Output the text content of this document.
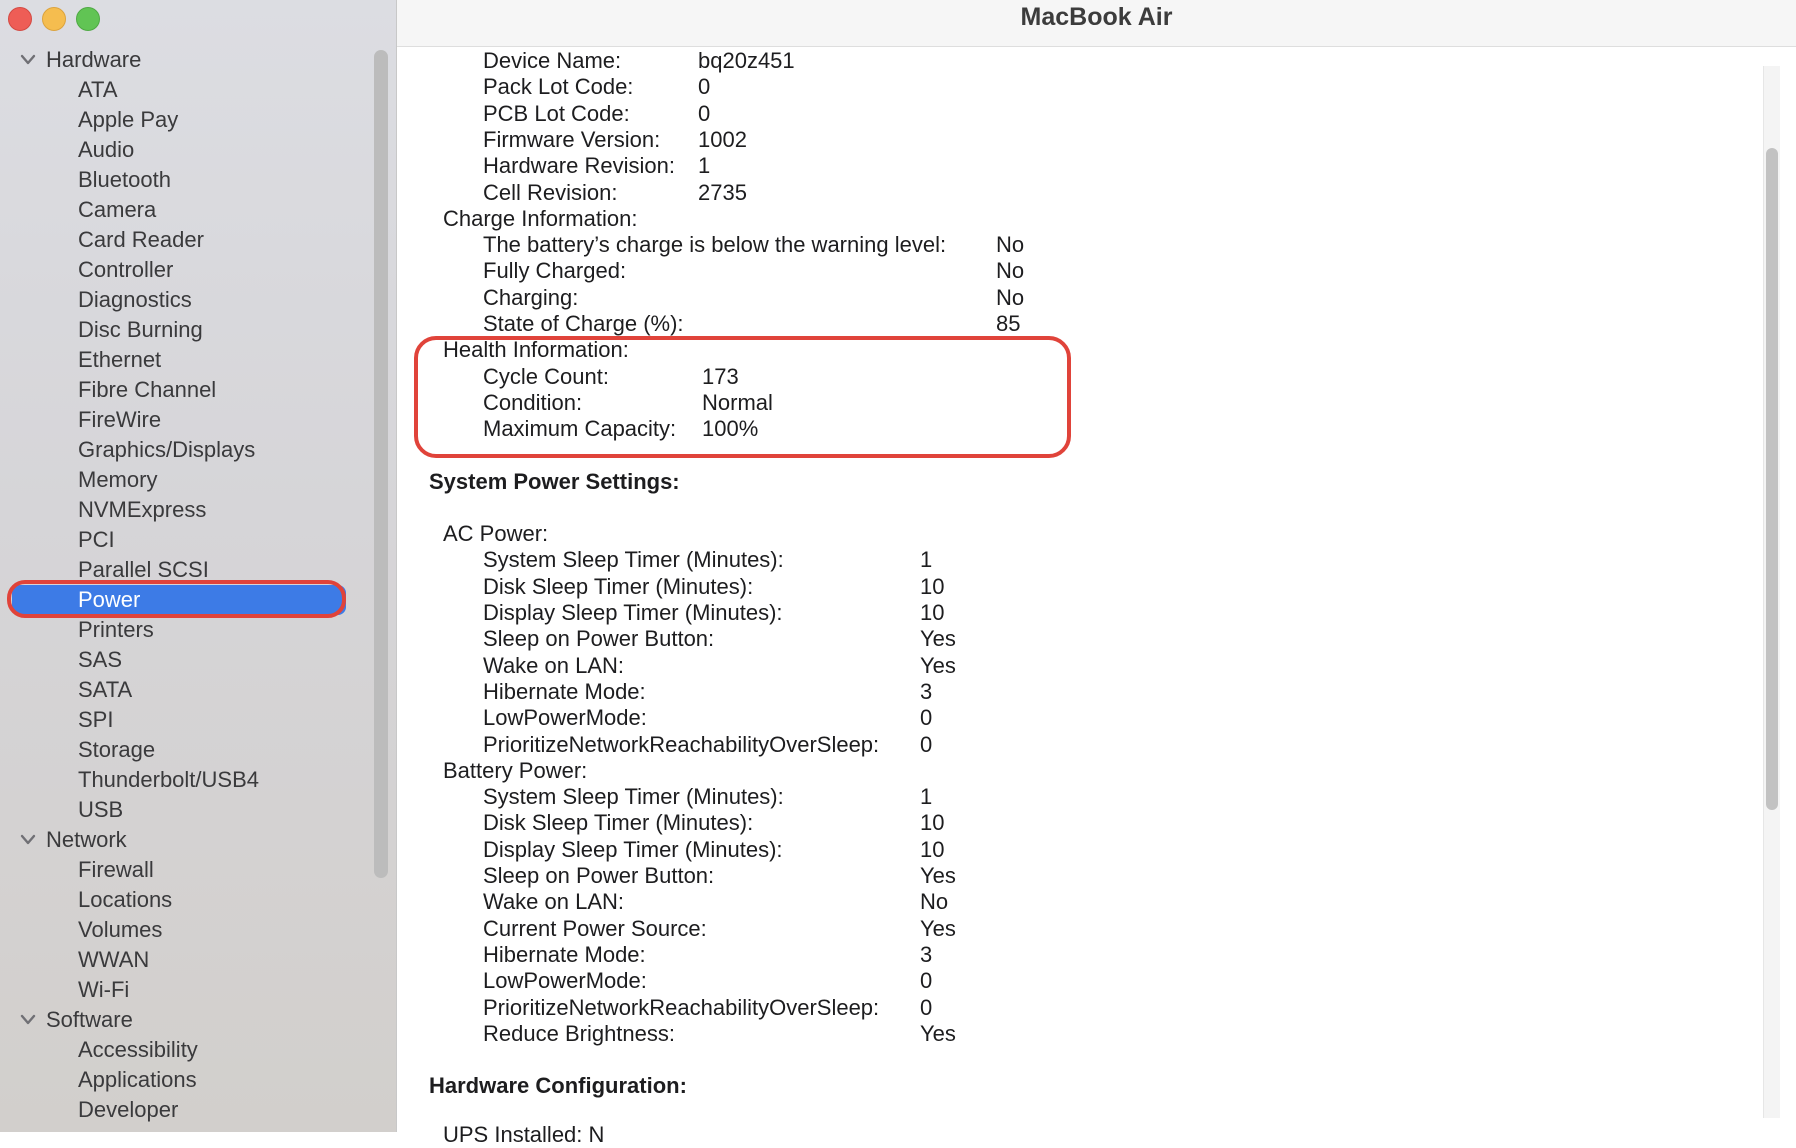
Hardware
ATA
Apple Pay
Audio
Bluetooth
Camera
Card Reader
Controller
Diagnostics
Disc Burning
Ethernet
Fibre Channel
FireWire
Graphics/Displays
Memory
NVMExpress
PCI
Parallel SCSI
Power
Printers
SAS
SATA
SPI
Storage
Thunderbolt/USB4
USB
Network
Firewall
Locations
Volumes
WWAN
Wi-Fi
Software
Accessibility
Applications
Developer
MacBook Air
Device Name:	bq20z451
Pack Lot Code:	0
PCB Lot Code:	0
Firmware Version: 1002
Hardware Revision: 1
Cell Revision:	2735
Charge Information:
The battery’s charge is below the warning level: No
Fully Charged:	No
Charging:	No
State of Charge (%):	85
Health Information:
Cycle Count:	173
Condition:	Normal
Maximum Capacity: 100%
System Power Settings:
AC Power:
System Sleep Timer (Minutes):	1
Disk Sleep Timer (Minutes):	10
Display Sleep Timer (Minutes):	10
Sleep on Power Button:	Yes
Wake on LAN:	Yes
Hibernate Mode:	3
LowPowerMode:	0
PrioritizeNetworkReachabilityOverSleep: 0
Battery Power:
System Sleep Timer (Minutes):	1
Disk Sleep Timer (Minutes):	10
Display Sleep Timer (Minutes):	10
Sleep on Power Button:	Yes
Wake on LAN:	No
Current Power Source:	Yes
Hibernate Mode:	3
LowPowerMode:	0
PrioritizeNetworkReachabilityOverSleep: 0
Reduce Brightness:	Yes
Hardware Configuration:
UPS Installed: N
